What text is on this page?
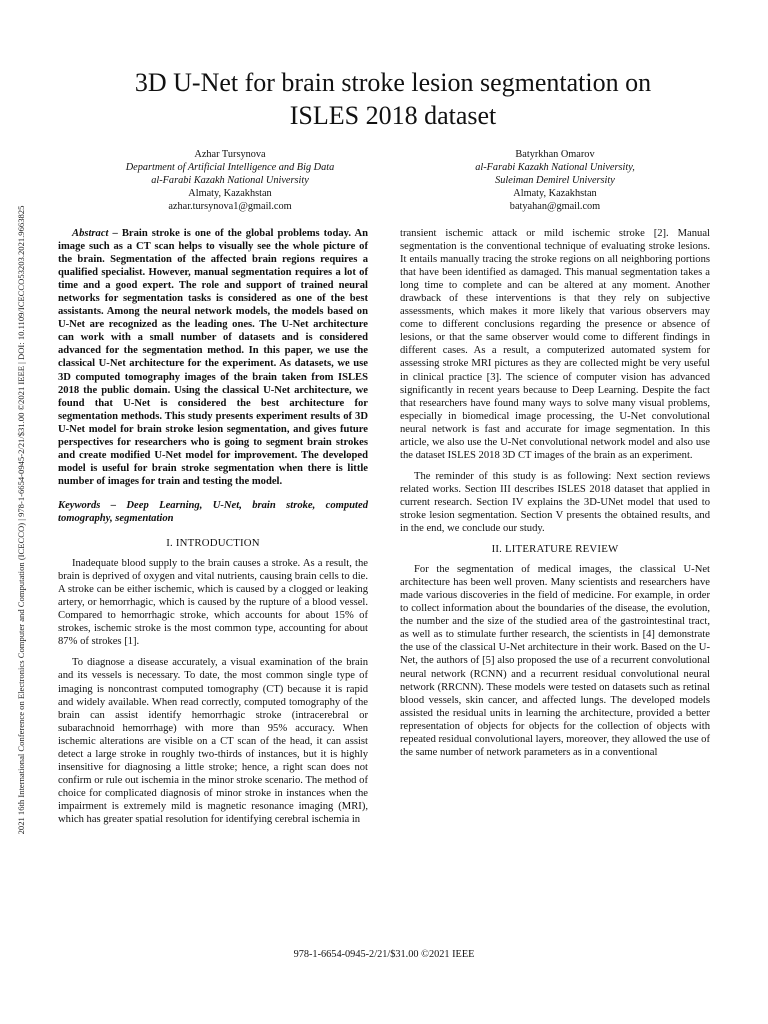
2021 16th International Conference on Electronics Computer and Computation (ICECCO) | 978-1-6654-0945-2/21/$31.00 ©2021 IEEE | DOI: 10.1109/ICECCO53203.2021.9663825
3D U-Net for brain stroke lesion segmentation on
ISLES 2018 dataset
Azhar Tursynova
Department of Artificial Intelligence and Big Data
al-Farabi Kazakh National University
Almaty, Kazakhstan
azhar.tursynova1@gmail.com
Batyrkhan Omarov
al-Farabi Kazakh National University,
Suleiman Demirel University
Almaty, Kazakhstan
batyahan@gmail.com

Abstract – Brain stroke is one of the global problems today. An image such as a CT scan helps to visually see the whole picture of the brain. Segmentation of the affected brain regions requires a qualified specialist. However, manual segmentation requires a lot of time and a good expert. The role and support of trained neural networks for segmentation tasks is considered as one of the best assistants. Among the neural network models, the models based on U-Net are recognized as the leading ones. The U-Net architecture can work with a small number of datasets and is considered advanced for the segmentation method. In this paper, we use the classical U-Net architecture for the experiment. As datasets, we use 3D computed tomography images of the brain taken from ISLES 2018 the public domain. Using the classical U-Net architecture, we found that U-Net is considered the best architecture for segmentation methods. This study presents experiment results of 3D U-Net model for brain stroke lesion segmentation, and gives future perspectives for researchers who is going to segment brain strokes and create modified U-Net model for improvement. The developed model is useful for brain stroke segmentation when there is little number of images for train and testing the model.

Keywords – Deep Learning, U-Net, brain stroke, computed tomography, segmentation

I. INTRODUCTION

Inadequate blood supply to the brain causes a stroke. As a result, the brain is deprived of oxygen and vital nutrients, causing brain cells to die. A stroke can be either ischemic, which is caused by a clogged or leaking artery, or hemorrhagic, which is caused by the rupture of a blood vessel. Compared to hemorrhagic stroke, which accounts for about 15% of strokes, ischemic stroke is the most common type, accounting for about 87% of strokes [1].

To diagnose a disease accurately, a visual examination of the brain and its vessels is necessary. To date, the most common single type of imaging is noncontrast computed tomography (CT) because it is rapid and widely available. When read correctly, computed tomography of the brain can assist identify hemorrhagic stroke (intracerebral or subarachnoid hemorrhage) with more than 95% accuracy. When ischemic alterations are visible on a CT scan of the head, it can assist detect a large stroke in roughly two-thirds of instances, but it is highly insensitive for diagnosing a little stroke; hence, a right scan does not confirm or rule out ischemia in the minor stroke scenario. The method of choice for complicated diagnosis of minor stroke in instances when the impairment is extremely mild is magnetic resonance imaging (MRI), which has greater spatial resolution for identifying cerebral ischemia in

transient ischemic attack or mild ischemic stroke [2]. Manual segmentation is the conventional technique of evaluating stroke lesions. It entails manually tracing the stroke regions on all neighboring portions that have been identified as damaged. This manual segmentation takes a long time to complete and can be altered at any moment. Another drawback of these interventions is that they rely on subjective assessments, which makes it more likely that various observers may come to different conclusions regarding the presence or absence of lesions, or that the same observer would come to different findings in different cases. As a result, a computerized automated system for assessing stroke MRI pictures as they are collected might be very useful in clinical practice [3]. The science of computer vision has advanced significantly in recent years because to Deep Learning. Despite the fact that researchers have found many ways to solve many visual problems, especially in biomedical image processing, the U-Net convolutional neural network is fast and accurate for image segmentation. In this article, we also use the U-Net convolutional network model and also use the dataset ISLES 2018 3D CT images of the brain as an experiment.

The reminder of this study is as following: Next section reviews related works. Section III describes ISLES 2018 dataset that applied in current research. Section IV explains the 3D-UNet model that used to stroke lesion segmentation. Section V presents the obtained results, and in the end, we conclude our study.

II. LITERATURE REVIEW

For the segmentation of medical images, the classical U-Net architecture has been well proven. Many scientists and researchers have made various discoveries in the field of medicine. For example, in order to collect information about the boundaries of the disease, the evolution, the number and the size of the studied area of the gastrointestinal tract, as well as to stimulate further research, the scientists in [4] demonstrate the use of the classical U-Net architecture in their work. Based on the U-Net, the authors of [5] also proposed the use of a recurrent convolutional neural network (RCNN) and a recurrent residual convolutional neural network (RRCNN). These models were tested on datasets such as retinal blood vessels, skin cancer, and affected lungs. The developed models assisted the residual units in learning the architecture, provided a better representation of objects for objects for the collection of objects with repeated residual convolutional layers, moreover, they allowed the use of the same number of network parameters as in a conventional

978-1-6654-0945-2/21/$31.00 ©2021 IEEE
